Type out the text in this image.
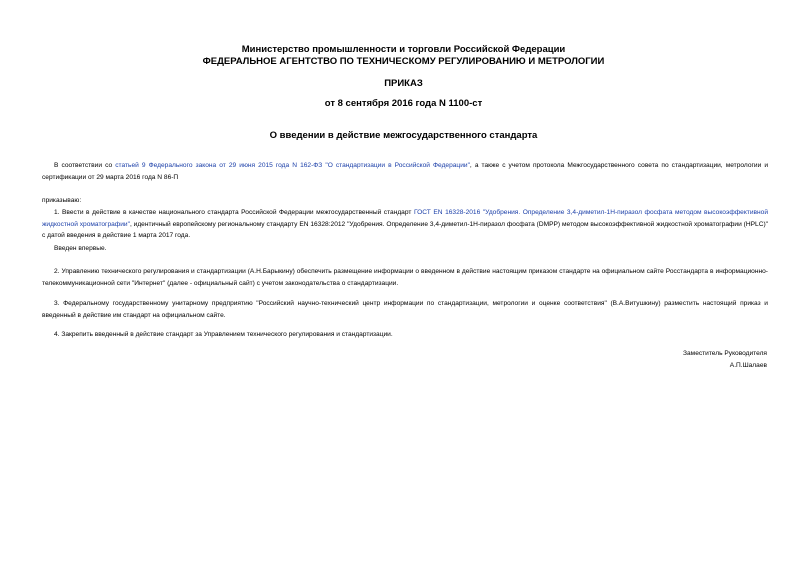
Министерство промышленности и торговли Российской Федерации
ФЕДЕРАЛЬНОЕ АГЕНТСТВО ПО ТЕХНИЧЕСКОМУ РЕГУЛИРОВАНИЮ И МЕТРОЛОГИИ
ПРИКАЗ
от 8 сентября 2016 года N 1100-ст
О введении в действие межгосударственного стандарта
В соответствии со статьей 9 Федерального закона от 29 июня 2015 года N 162-ФЗ "О стандартизации в Российской Федерации", а также с учетом протокола Межгосударственного совета по стандартизации, метрологии и сертификации от 29 марта 2016 года N 86-П
приказываю:
1. Ввести в действие в качестве национального стандарта Российской Федерации межгосударственный стандарт ГОСТ EN 16328-2016 "Удобрения. Определение 3,4-диметил-1Н-пиразол фосфата методом высокоэффективной жидкостной хроматографии", идентичный европейскому региональному стандарту EN 16328:2012 "Удобрения. Определение 3,4-диметил-1Н-пиразол фосфата (DMPP) методом высокоэффективной жидкостной хроматографии (HPLC)" с датой введения в действие 1 марта 2017 года.
Введен впервые.
2. Управлению технического регулирования и стандартизации (А.Н.Барыкину) обеспечить размещение информации о введенном в действие настоящим приказом стандарте на официальном сайте Росстандарта в информационно-телекоммуникационной сети "Интернет" (далее - официальный сайт) с учетом законодательства о стандартизации.
3. Федеральному государственному унитарному предприятию "Российский научно-технический центр информации по стандартизации, метрологии и оценке соответствия" (В.А.Витушкину) разместить настоящий приказ и введенный в действие им стандарт на официальном сайте.
4. Закрепить введенный в действие стандарт за Управлением технического регулирования и стандартизации.
Заместитель Руководителя
А.П.Шалаев
